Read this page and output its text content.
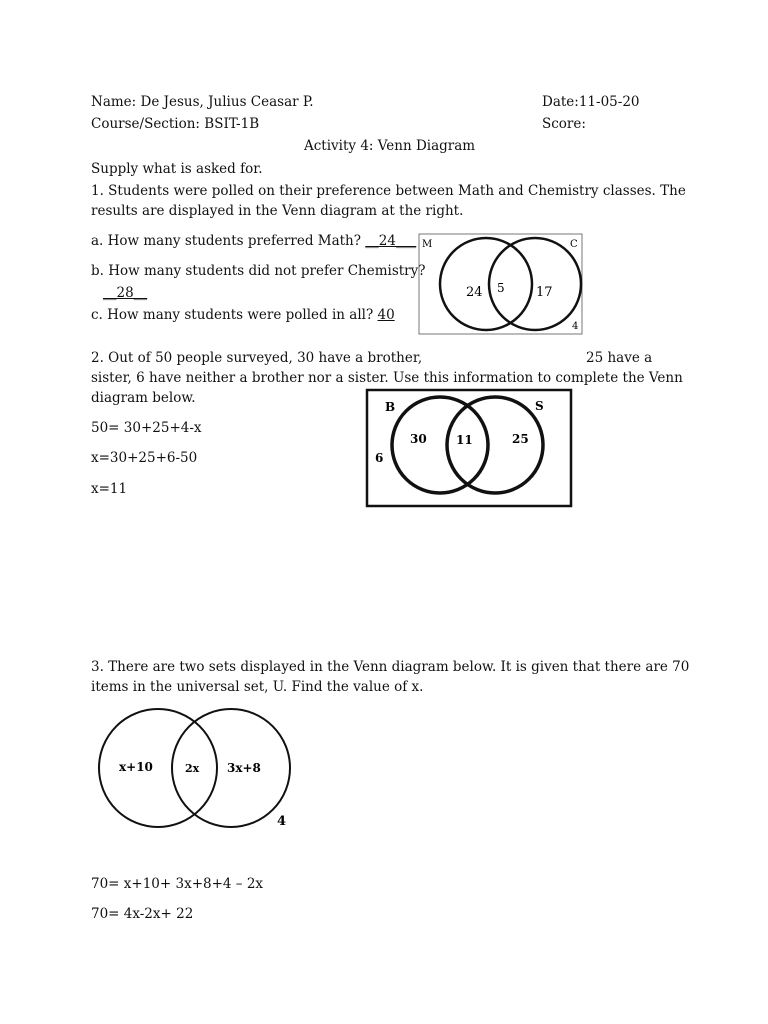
Name: De Jesus, Julius Ceasar P.	Date:11-05-20
Course/Section: BSIT-1B	Score:
Activity 4: Venn Diagram
Supply what is asked for.
1. Students were polled on their preference between Math and Chemistry classes. The
results are displayed in the Venn diagram at the right.
a. How many students preferred Math? __24___
b. How many students did not prefer Chemistry?
__28__
c. How many students were polled in all? 40
M	C
24 5 17
4
2. Out of 50 people surveyed, 30 have a brother,	25 have a
sister, 6 have neither a brother nor a sister. Use this information to complete the Venn
diagram below.
50= 30+25+4-x
x=30+25+6-50
x=11
B	S
30 11	25
6
3. There are two sets displayed in the Venn diagram below. It is given that there are 70
items in the universal set, U. Find the value of x.
x+10	2x 3x+8
4
70= x+10+ 3x+8+4 – 2x
70= 4x-2x+ 22
